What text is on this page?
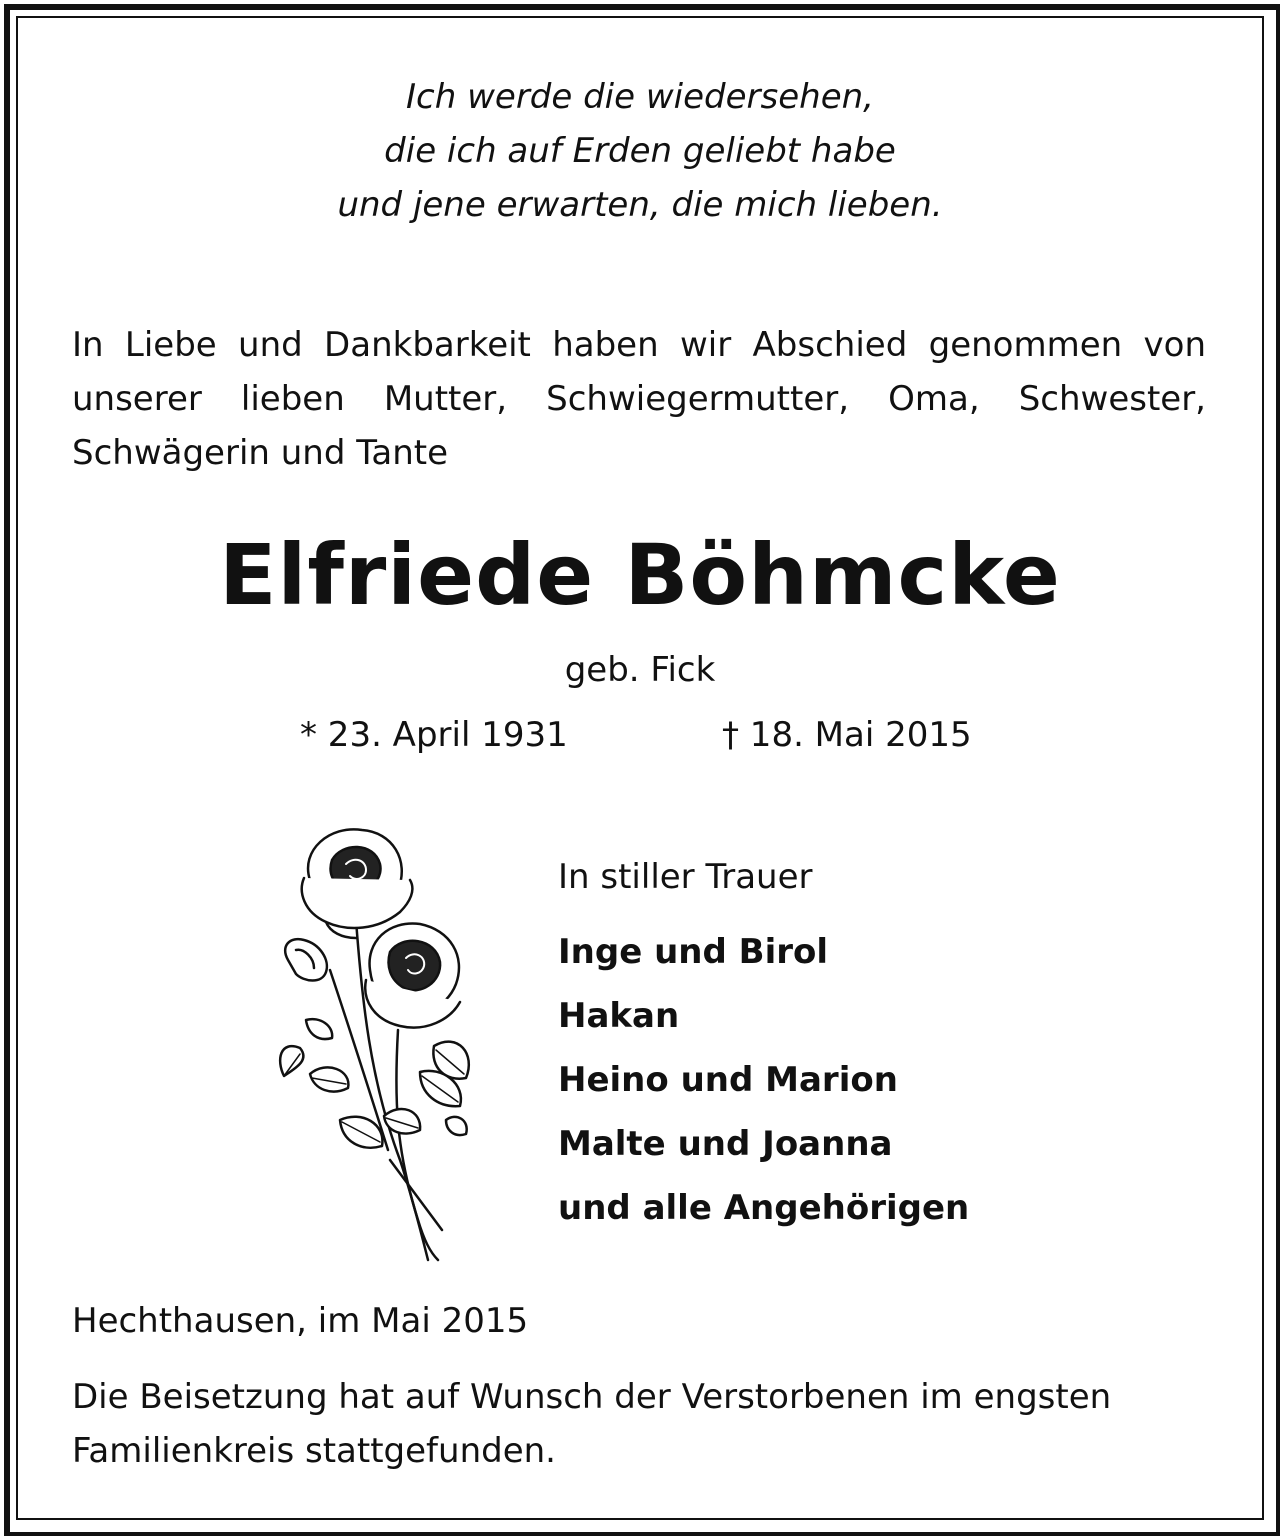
Ich werde die wiedersehen,
die ich auf Erden geliebt habe
und jene erwarten, die mich lieben.
In Liebe und Dankbarkeit haben wir Abschied genommen von unserer lieben Mutter, Schwiegermutter, Oma, Schwester, Schwägerin und Tante
Elfriede Böhmcke
geb. Fick
* 23. April 1931	† 18. Mai 2015
In stiller Trauer
Inge und Birol
Hakan
Heino und Marion
Malte und Joanna
und alle Angehörigen
Hechthausen, im Mai 2015
Die Beisetzung hat auf Wunsch der Verstorbenen im engsten Familienkreis stattgefunden.
